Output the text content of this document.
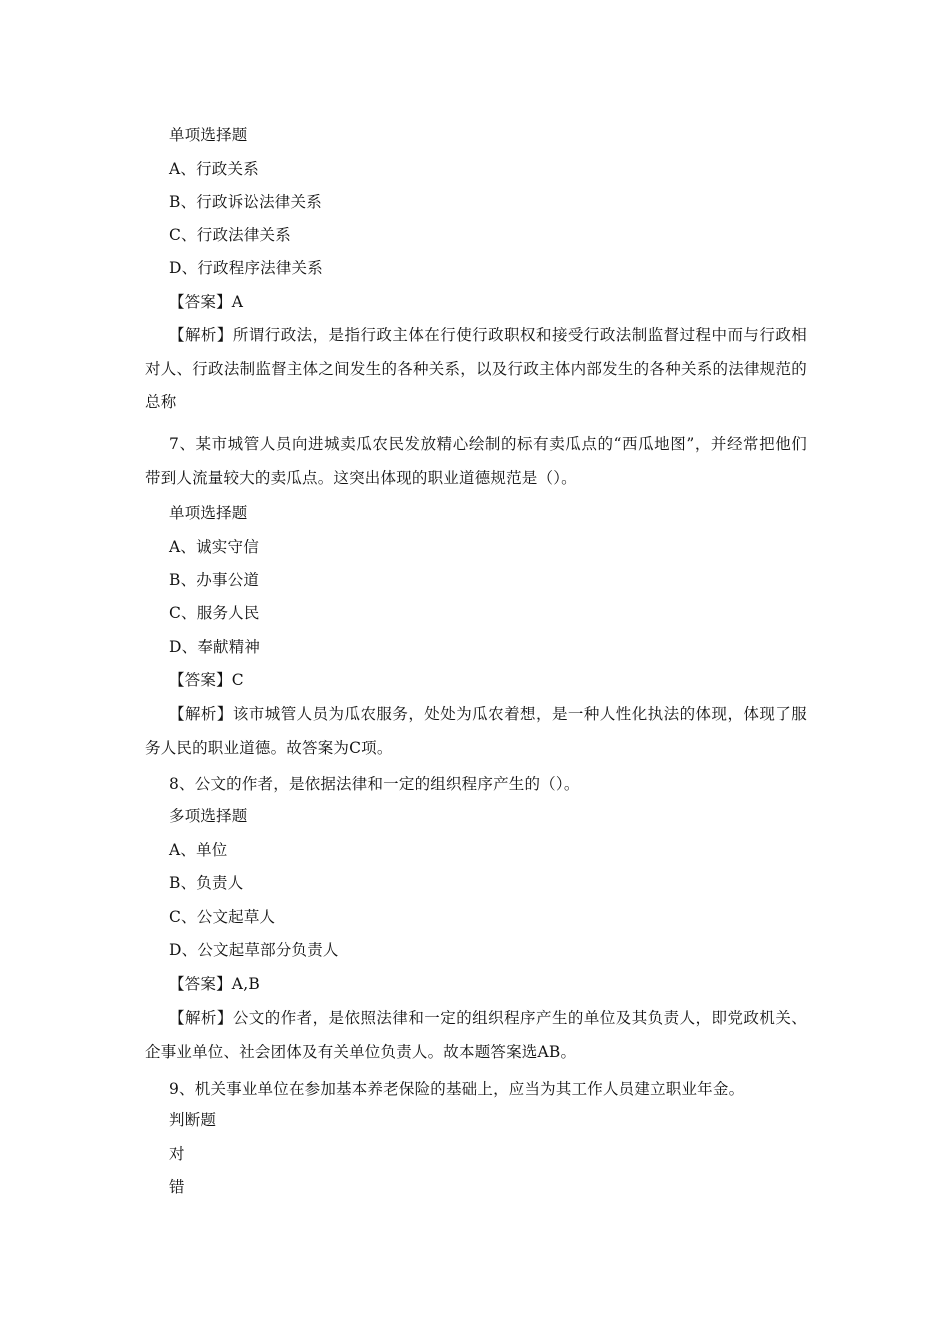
单项选择题
A、行政关系
B、行政诉讼法律关系
C、行政法律关系
D、行政程序法律关系
【答案】A
【解析】所谓行政法，是指行政主体在行使行政职权和接受行政法制监督过程中而与行政相对人、行政法制监督主体之间发生的各种关系，以及行政主体内部发生的各种关系的法律规范的总称
7、某市城管人员向进城卖瓜农民发放精心绘制的标有卖瓜点的“西瓜地图”，并经常把他们带到人流量较大的卖瓜点。这突出体现的职业道德规范是（）。
单项选择题
A、诚实守信
B、办事公道
C、服务人民
D、奉献精神
【答案】C
【解析】该市城管人员为瓜农服务，处处为瓜农着想，是一种人性化执法的体现，体现了服务人民的职业道德。故答案为C项。
8、公文的作者，是依据法律和一定的组织程序产生的（）。
多项选择题
A、单位
B、负责人
C、公文起草人
D、公文起草部分负责人
【答案】A,B
【解析】公文的作者，是依照法律和一定的组织程序产生的单位及其负责人，即党政机关、企事业单位、社会团体及有关单位负责人。故本题答案选AB。
9、机关事业单位在参加基本养老保险的基础上，应当为其工作人员建立职业年金。
判断题
对
错
